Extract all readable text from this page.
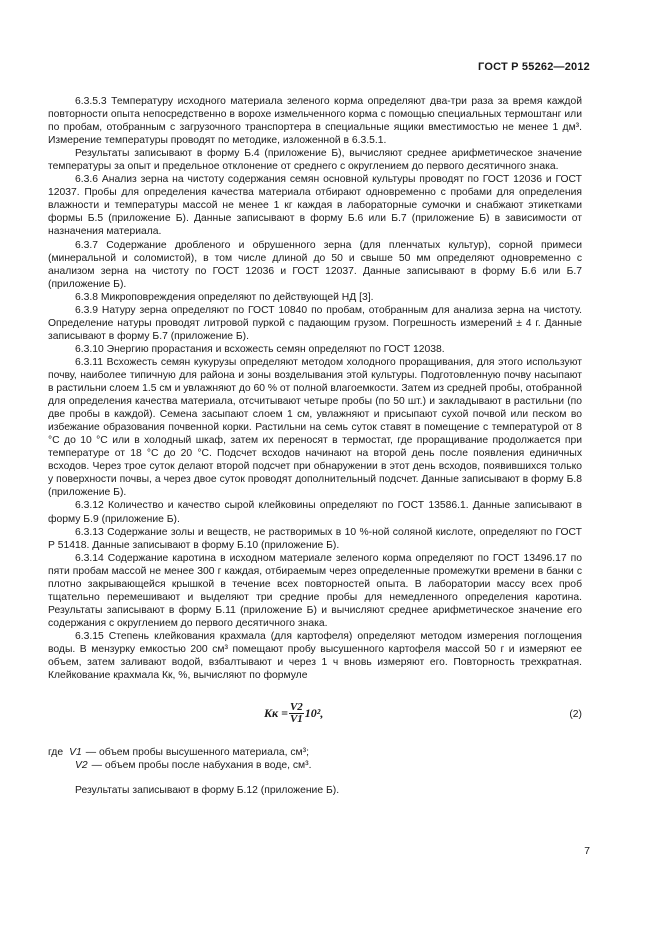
ГОСТ Р 55262—2012

6.3.5.3 Температуру исходного материала зеленого корма определяют два-три раза за время каждой повторности опыта непосредственно в ворохе измельченного корма с помощью специальных термоштанг или по пробам, отобранным с загрузочного транспортера в специальные ящики вместимостью не менее 1 дм³. Измерение температуры проводят по методике, изложенной в 6.3.5.1.

Результаты записывают в форму Б.4 (приложение Б), вычисляют среднее арифметическое значение температуры за опыт и предельное отклонение от среднего с округлением до первого десятичного знака.

6.3.6 Анализ зерна на чистоту содержания семян основной культуры проводят по ГОСТ 12036 и ГОСТ 12037. Пробы для определения качества материала отбирают одновременно с пробами для определения влажности и температуры массой не менее 1 кг каждая в лабораторные сумочки и снабжают этикетками формы Б.5 (приложение Б). Данные записывают в форму Б.6 или Б.7 (приложение Б) в зависимости от назначения материала.

6.3.7 Содержание дробленого и обрушенного зерна (для пленчатых культур), сорной примеси (минеральной и соломистой), в том числе длиной до 50 и свыше 50 мм определяют одновременно с анализом зерна на чистоту по ГОСТ 12036 и ГОСТ 12037. Данные записывают в форму Б.6 или Б.7 (приложение Б).

6.3.8 Микроповреждения определяют по действующей НД [3].

6.3.9 Натуру зерна определяют по ГОСТ 10840 по пробам, отобранным для анализа зерна на чистоту. Определение натуры проводят литровой пуркой с падающим грузом. Погрешность измерений ± 4 г. Данные записывают в форму Б.7 (приложение Б).

6.3.10 Энергию прорастания и всхожесть семян определяют по ГОСТ 12038.

6.3.11 Всхожесть семян кукурузы определяют методом холодного проращивания, для этого используют почву, наиболее типичную для района и зоны возделывания этой культуры. Подготовленную почву насыпают в растильни слоем 1.5 см и увлажняют до 60 % от полной влагоемкости. Затем из средней пробы, отобранной для определения качества материала, отсчитывают четыре пробы (по 50 шт.) и закладывают в растильни (по две пробы в каждой). Семена засыпают слоем 1 см, увлажняют и присыпают сухой почвой или песком во избежание образования почвенной корки. Растильни на семь суток ставят в помещение с температурой от 8 °С до 10 °С или в холодный шкаф, затем их переносят в термостат, где проращивание продолжается при температуре от 18 °С до 20 °С. Подсчет всходов начинают на второй день после появления единичных всходов. Через трое суток делают второй подсчет при обнаружении в этот день всходов, появившихся только у поверхности почвы, а через двое суток проводят дополнительный подсчет. Данные записывают в форму Б.8 (приложение Б).

6.3.12 Количество и качество сырой клейковины определяют по ГОСТ 13586.1. Данные записывают в форму Б.9 (приложение Б).

6.3.13 Содержание золы и веществ, не растворимых в 10 %-ной соляной кислоте, определяют по ГОСТ Р 51418. Данные записывают в форму Б.10 (приложение Б).

6.3.14 Содержание каротина в исходном материале зеленого корма определяют по ГОСТ 13496.17 по пяти пробам массой не менее 300 г каждая, отбираемым через определенные промежутки времени в банки с плотно закрывающейся крышкой в течение всех повторностей опыта. В лаборатории массу всех проб тщательно перемешивают и выделяют три средние пробы для немедленного определения каротина. Результаты записывают в форму Б.11 (приложение Б) и вычисляют среднее арифметическое значение его содержания с округлением до первого десятичного знака.

6.3.15 Степень клейкования крахмала (для картофеля) определяют методом измерения поглощения воды. В мензурку емкостью 200 см³ помещают пробу высушенного картофеля массой 50 г и измеряют ее объем, затем заливают водой, взбалтывают и через 1 ч вновь измеряют его. Повторность трехкратная. Клейкование крахмала Кк, %, вычисляют по формуле

Kк = $\frac{V2}{V1} 10^2$,	(2)
где V1 — объем пробы высушенного материала, см³;
V2 — объем пробы после набухания в воде, см³.

Результаты записывают в форму Б.12 (приложение Б).

7
